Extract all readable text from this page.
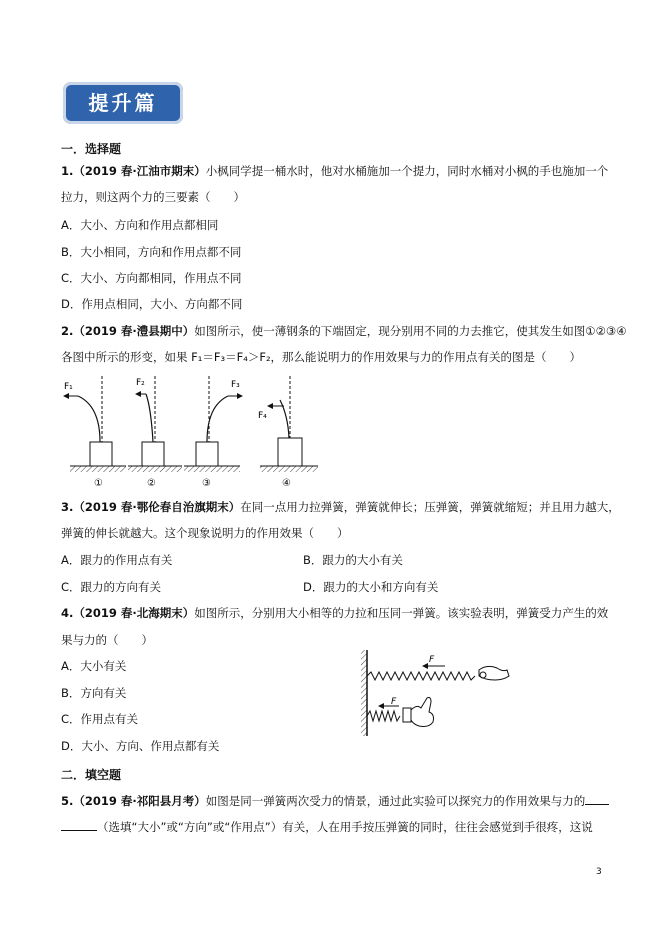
提升篇
一．选择题
1.（2019 春·江油市期末）小枫同学提一桶水时，他对水桶施加一个提力，同时水桶对小枫的手也施加一个
拉力，则这两个力的三要素（　　）
A．大小、方向和作用点都相同
B．大小相同，方向和作用点都不同
C．大小、方向都相同，作用点不同
D．作用点相同，大小、方向都不同
2.（2019 春·澧县期中）如图所示，使一薄钢条的下端固定，现分别用不同的力去推它，使其发生如图①②③④
各图中所示的形变，如果 F₁＝F₃＝F₄＞F₂，那么能说明力的作用效果与力的作用点有关的图是（　　）
F₁
①
F₂
②
F₃
③
F₄
④
3.（2019 春·鄂伦春自治旗期末）在同一点用力拉弹簧，弹簧就伸长；压弹簧，弹簧就缩短；并且用力越大，
弹簧的伸长就越大。这个现象说明力的作用效果（　　）
A．跟力的作用点有关	B．跟力的大小有关
C．跟力的方向有关	D．跟力的大小和方向有关
4.（2019 春·北海期末）如图所示，分别用大小相等的力拉和压同一弹簧。该实验表明，弹簧受力产生的效
果与力的（　　）
A．大小有关
B．方向有关
C．作用点有关
D．大小、方向、作用点都有关
F
F
二．填空题
5.（2019 春·祁阳县月考）如图是同一弹簧两次受力的情景，通过此实验可以探究力的作用效果与力的
（选填“大小”或“方向”或“作用点”）有关，人在用手按压弹簧的同时，往往会感觉到手很疼，这说
3
